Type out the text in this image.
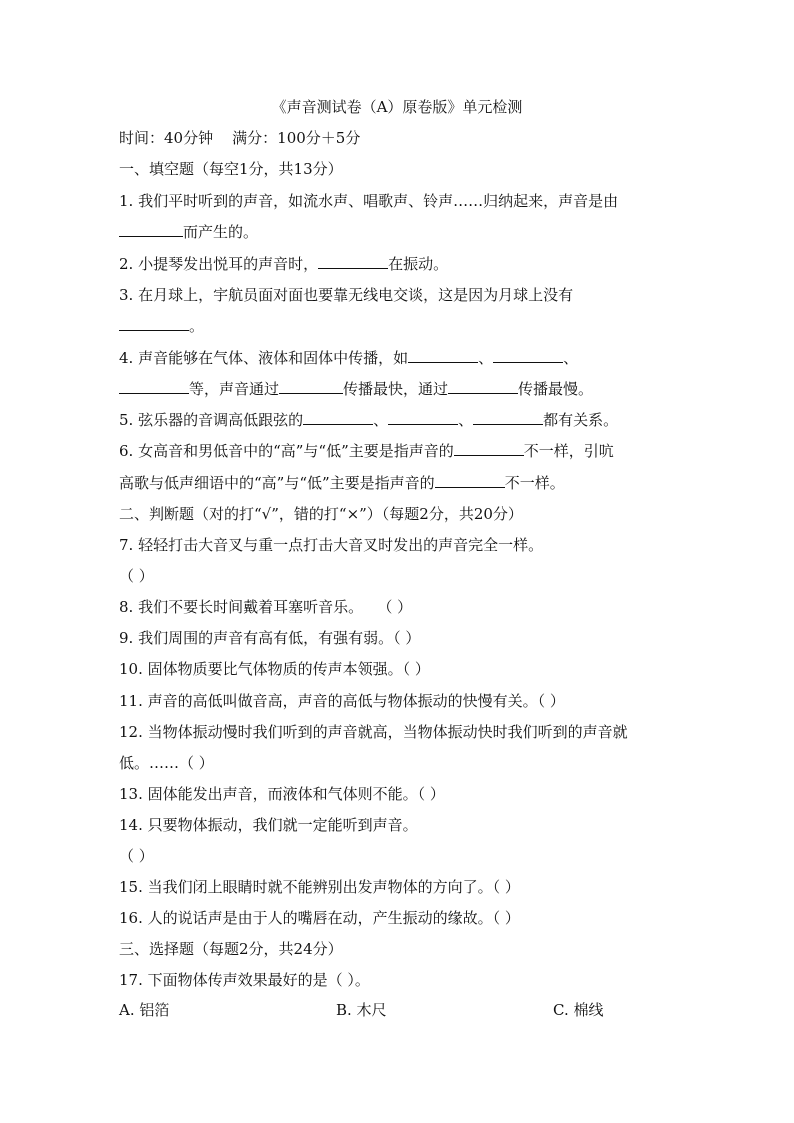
《声音测试卷（A）原卷版》单元检测
时间：40分钟 满分：100分＋5分
一、填空题（每空1分，共13分）
1. 我们平时听到的声音，如流水声、唱歌声、铃声……归纳起来，声音是由
而产生的。
2. 小提琴发出悦耳的声音时，	在振动。
3. 在月球上，宇航员面对面也要靠无线电交谈，这是因为月球上没有
。
4. 声音能够在气体、液体和固体中传播，如	、	、
等，声音通过	传播最快，通过	传播最慢。
5. 弦乐器的音调高低跟弦的	、	、	都有关系。
6. 女高音和男低音中的“高”与“低”主要是指声音的	不一样，引吭
高歌与低声细语中的“高”与“低”主要是指声音的	不一样。
二、判断题（对的打“√”，错的打“×”）（每题2分，共20分）
7. 轻轻打击大音叉与重一点打击大音叉时发出的声音完全一样。
（ ）
8. 我们不要长时间戴着耳塞听音乐。 （ ）
9. 我们周围的声音有高有低，有强有弱。（ ）
10. 固体物质要比气体物质的传声本领强。（ ）
11. 声音的高低叫做音高，声音的高低与物体振动的快慢有关。（ ）
12. 当物体振动慢时我们听到的声音就高，当物体振动快时我们听到的声音就
低。……（ ）
13. 固体能发出声音，而液体和气体则不能。（ ）
14. 只要物体振动，我们就一定能听到声音。
（ ）
15. 当我们闭上眼睛时就不能辨别出发声物体的方向了。（ ）
16. 人的说话声是由于人的嘴唇在动，产生振动的缘故。（ ）
三、选择题（每题2分，共24分）
17. 下面物体传声效果最好的是（ ）。
A. 铝箔	B. 木尺	C. 棉线
